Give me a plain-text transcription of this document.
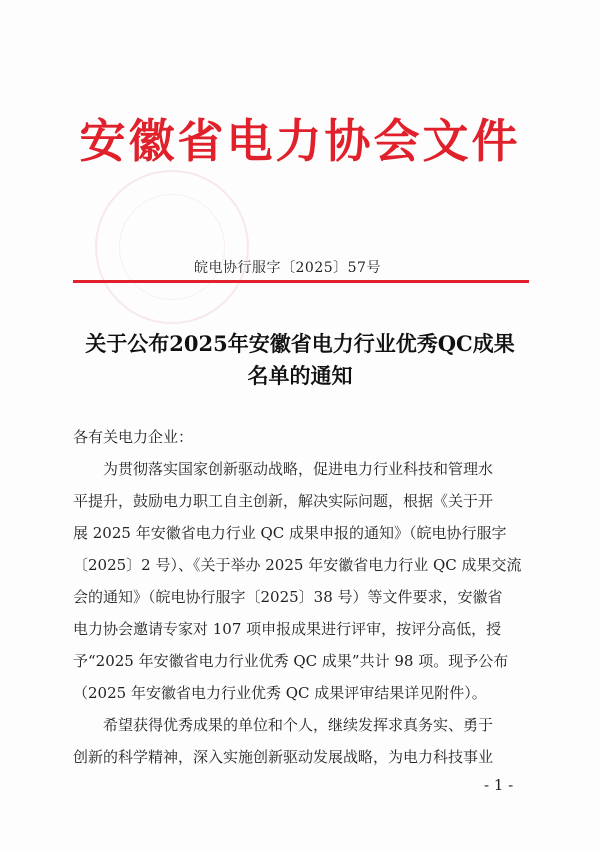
安徽省电力协会文件
皖电协行服字〔2025〕57号
关于公布2025年安徽省电力行业优秀QC成果
名单的通知
各有关电力企业：
　　为贯彻落实国家创新驱动战略，促进电力行业科技和管理水
平提升，鼓励电力职工自主创新，解决实际问题，根据《关于开
展 2025 年安徽省电力行业 QC 成果申报的通知》（皖电协行服字
〔2025〕2 号）、《关于举办 2025 年安徽省电力行业 QC 成果交流
会的通知》（皖电协行服字〔2025〕38 号）等文件要求，安徽省
电力协会邀请专家对 107 项申报成果进行评审，按评分高低，授
予“2025 年安徽省电力行业优秀 QC 成果”共计 98 项。现予公布
（2025 年安徽省电力行业优秀 QC 成果评审结果详见附件）。
　　希望获得优秀成果的单位和个人，继续发挥求真务实、勇于
创新的科学精神，深入实施创新驱动发展战略，为电力科技事业
- 1 -
